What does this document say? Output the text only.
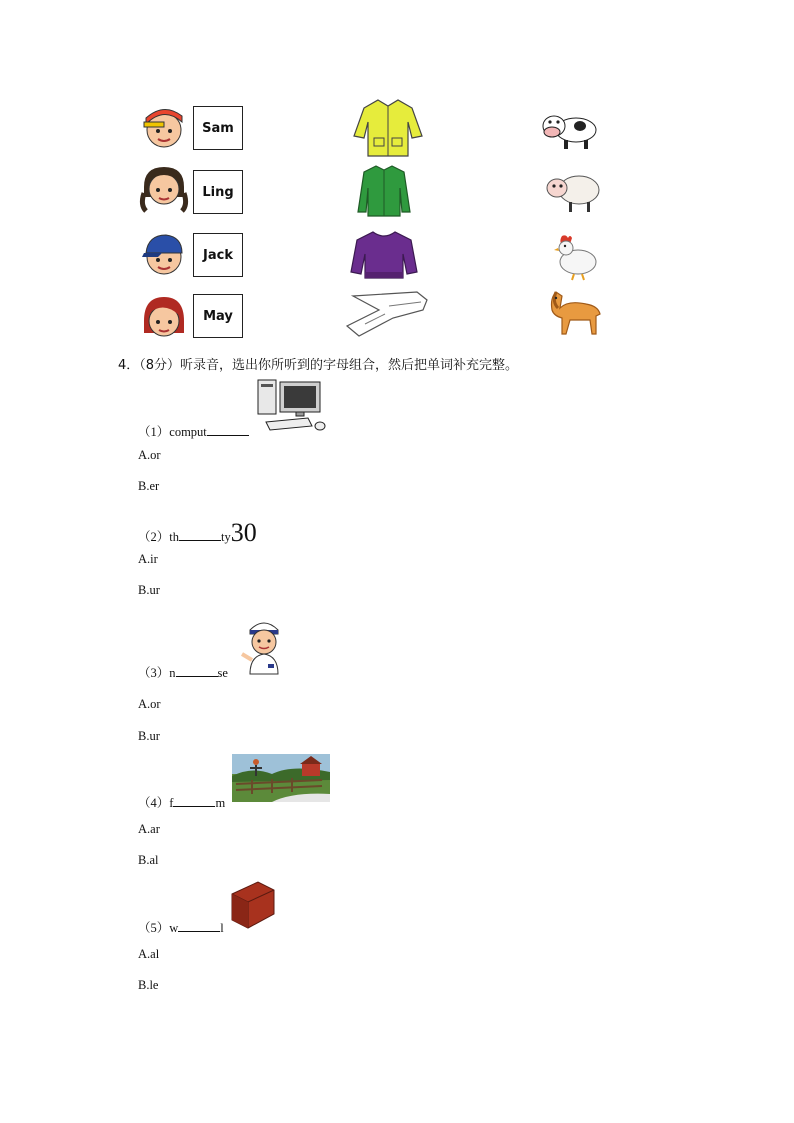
Sam
Ling
Jack
May
4．（8分）听录音，选出你所听到的字母组合，然后把单词补充完整。
（1）comput
A.or
B.er
（2）th	ty30
A.ir
B.ur
（3）n	se
A.or
B.ur
（4）f	m
A.ar
B.al
（5）w	l
A.al
B.le
